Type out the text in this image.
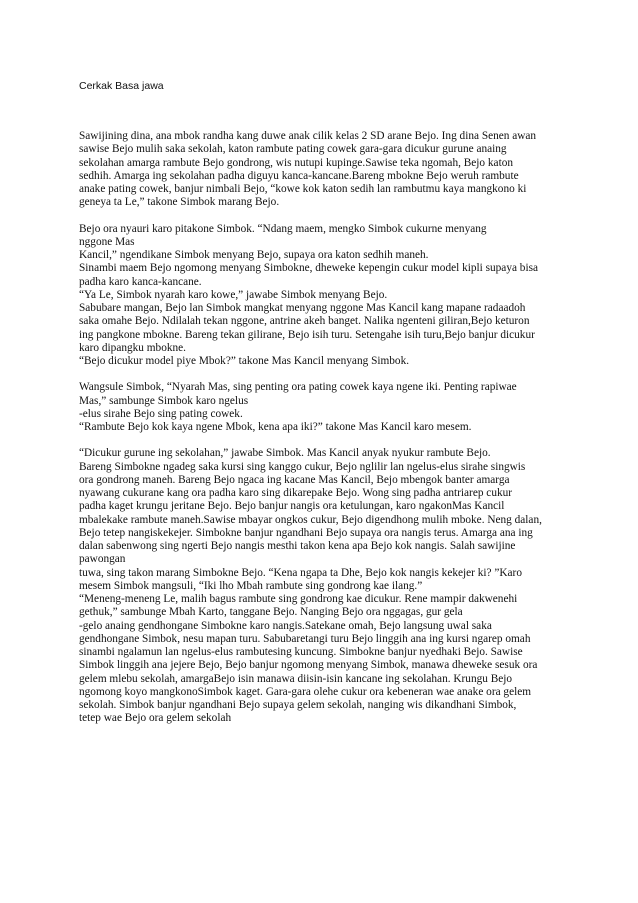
Cerkak Basa jawa
Sawijining dina, ana mbok randha kang duwe anak cilik kelas 2 SD arane Bejo. Ing dina Senen awan
sawise Bejo mulih saka sekolah, katon rambute pating cowek gara-gara dicukur gurune anaing
sekolahan amarga rambute Bejo gondrong, wis nutupi kupinge.Sawise teka ngomah, Bejo katon
sedhih. Amarga ing sekolahan padha diguyu kanca-kancane.Bareng mbokne Bejo weruh rambute
anake pating cowek, banjur nimbali Bejo, “kowe kok katon sedih lan rambutmu kaya mangkono ki
geneya ta Le,” takone Simbok marang Bejo.
Bejo ora nyauri karo pitakone Simbok. “Ndang maem, mengko Simbok cukurne menyang
nggone Mas
Kancil,” ngendikane Simbok menyang Bejo, supaya ora katon sedhih maneh.
Sinambi maem Bejo ngomong menyang Simbokne, dheweke kepengin cukur model kipli supaya bisa
padha karo kanca-kancane.
“Ya Le, Simbok nyarah karo kowe,” jawabe Simbok menyang Bejo.
Sabubare mangan, Bejo lan Simbok mangkat menyang nggone Mas Kancil kang mapane radaadoh
saka omahe Bejo. Ndilalah tekan nggone, antrine akeh banget. Nalika ngenteni giliran,Bejo keturon
ing pangkone mbokne. Bareng tekan gilirane, Bejo isih turu. Setengahe isih turu,Bejo banjur dicukur
karo dipangku mbokne.
“Bejo dicukur model piye Mbok?” takone Mas Kancil menyang Simbok.
Wangsule Simbok, “Nyarah Mas, sing penting ora pating cowek kaya ngene iki. Penting rapiwae
Mas,” sambunge Simbok karo ngelus
-elus sirahe Bejo sing pating cowek.
“Rambute Bejo kok kaya ngene Mbok, kena apa iki?” takone Mas Kancil karo mesem.
“Dicukur gurune ing sekolahan,” jawabe Simbok. Mas Kancil anyak nyukur rambute Bejo.
Bareng Simbokne ngadeg saka kursi sing kanggo cukur, Bejo nglilir lan ngelus-elus sirahe singwis
ora gondrong maneh. Bareng Bejo ngaca ing kacane Mas Kancil, Bejo mbengok banter amarga
nyawang cukurane kang ora padha karo sing dikarepake Bejo. Wong sing padha antriarep cukur
padha kaget krungu jeritane Bejo. Bejo banjur nangis ora ketulungan, karo ngakonMas Kancil
mbalekake rambute maneh.Sawise mbayar ongkos cukur, Bejo digendhong mulih mboke. Neng dalan,
Bejo tetep nangiskekejer. Simbokne banjur ngandhani Bejo supaya ora nangis terus. Amarga ana ing
dalan sabenwong sing ngerti Bejo nangis mesthi takon kena apa Bejo kok nangis. Salah sawijine
pawongan
tuwa, sing takon marang Simbokne Bejo. “Kena ngapa ta Dhe, Bejo kok nangis kekejer ki? ”Karo
mesem Simbok mangsuli, “Iki lho Mbah rambute sing gondrong kae ilang.”
“Meneng-meneng Le, malih bagus rambute sing gondrong kae dicukur. Rene mampir dakwenehi
gethuk,” sambunge Mbah Karto, tanggane Bejo. Nanging Bejo ora nggagas, gur gela
-gelo anaing gendhongane Simbokne karo nangis.Satekane omah, Bejo langsung uwal saka
gendhongane Simbok, nesu mapan turu. Sabubaretangi turu Bejo linggih ana ing kursi ngarep omah
sinambi ngalamun lan ngelus-elus rambutesing kuncung. Simbokne banjur nyedhaki Bejo. Sawise
Simbok linggih ana jejere Bejo, Bejo banjur ngomong menyang Simbok, manawa dheweke sesuk ora
gelem mlebu sekolah, amargaBejo isin manawa diisin-isin kancane ing sekolahan. Krungu Bejo
ngomong koyo mangkonoSimbok kaget. Gara-gara olehe cukur ora kebeneran wae anake ora gelem
sekolah. Simbok banjur ngandhani Bejo supaya gelem sekolah, nanging wis dikandhani Simbok,
tetep wae Bejo ora gelem sekolah
